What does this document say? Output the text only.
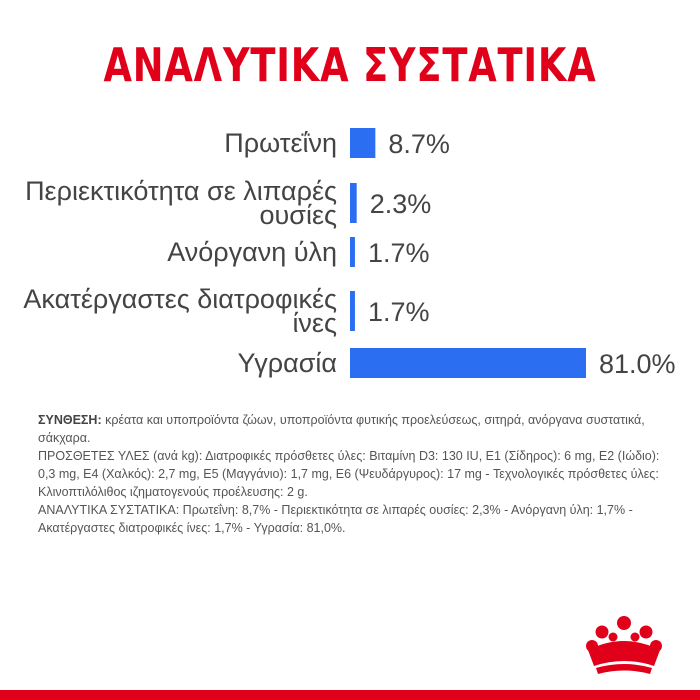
ΑΝΑΛΥΤΙΚΑ ΣΥΣΤΑΤΙΚΑ
Πρωτεΐνη 8.7%
Περιεκτικότητα σε λιπαρές
ουσίες 2.3%
Ανόργανη ύλη 1.7%
Ακατέργαστες διατροφικές
ίνες 1.7%
Υγρασία	81.0%

ΣΥΝΘΕΣΗ: κρέατα και υποπροϊόντα ζώων, υποπροϊόντα φυτικής προελεύσεως, σιτηρά, ανόργανα συστατικά, σάκχαρα.

ΠΡΟΣΘΕΤΕΣ ΥΛΕΣ (ανά kg): Διατροφικές πρόσθετες ύλες: Βιταμίνη D3: 130 IU, E1 (Σίδηρος): 6 mg, E2 (Ιώδιο): 0,3 mg, E4 (Χαλκός): 2,7 mg, E5 (Μαγγάνιο): 1,7 mg, E6 (Ψευδάργυρος): 17 mg - Τεχνολογικές πρόσθετες ύλες: Κλινοπτιλόλιθος ιζηματογενούς προέλευσης: 2 g.

ΑΝΑΛΥΤΙΚΑ ΣΥΣΤΑΤΙΚΑ: Πρωτεΐνη: 8,7% - Περιεκτικότητα σε λιπαρές ουσίες: 2,3% - Ανόργανη ύλη: 1,7% - Ακατέργαστες διατροφικές ίνες: 1,7% - Υγρασία: 81,0%.
